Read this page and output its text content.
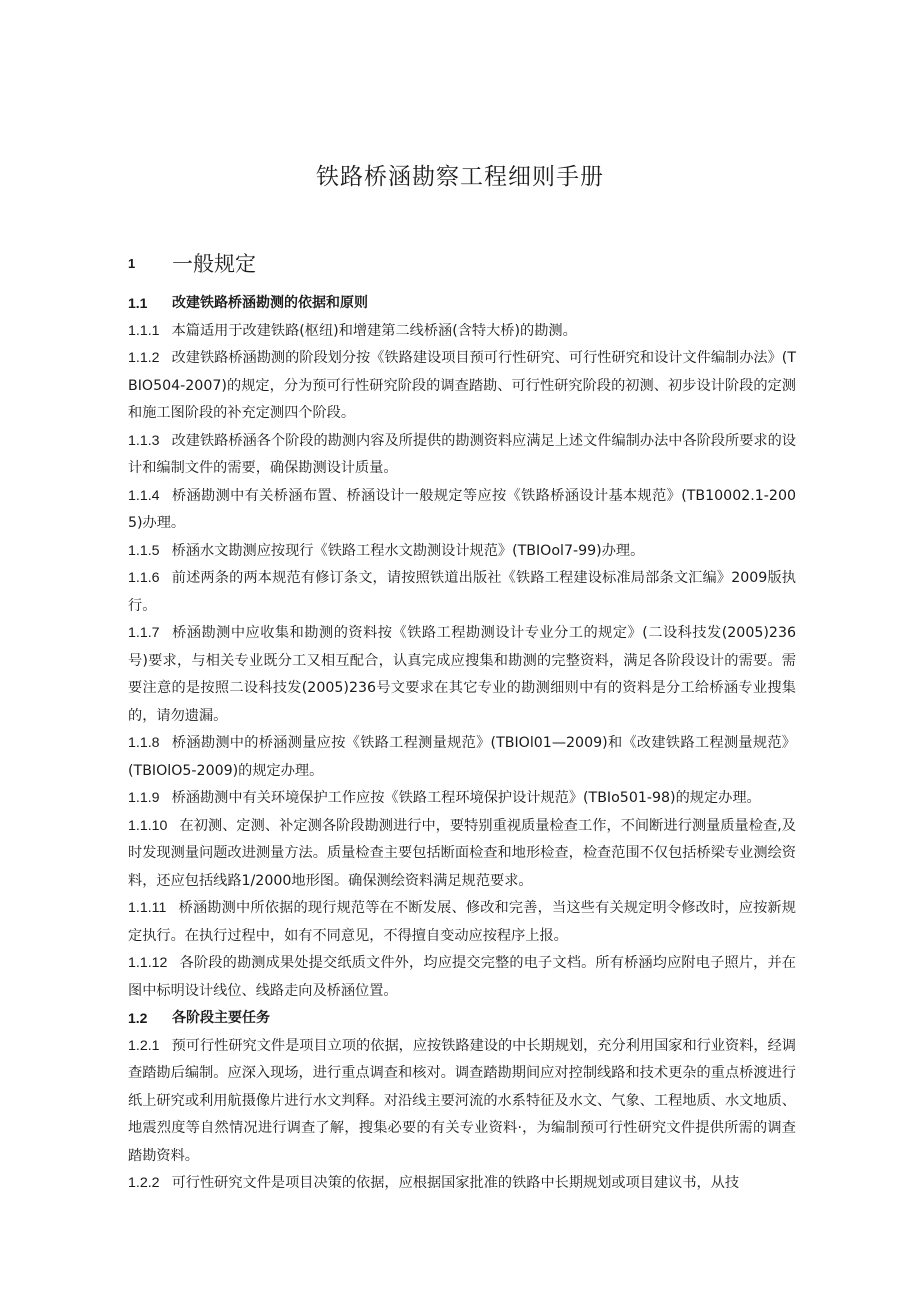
铁路桥涵勘察工程细则手册
1	一般规定
1.1	改建铁路桥涵勘测的依据和原则

1.1.1 本篇适用于改建铁路(枢纽)和增建第二线桥涵(含特大桥)的勘测。

1.1.2 改建铁路桥涵勘测的阶段划分按《铁路建设项目预可行性研究、可行性研究和设计文件编制办法》(TBIO504-2007)的规定，分为预可行性研究阶段的调查踏勘、可行性研究阶段的初测、初步设计阶段的定测和施工图阶段的补充定测四个阶段。

1.1.3 改建铁路桥涵各个阶段的勘测内容及所提供的勘测资料应满足上述文件编制办法中各阶段所要求的设计和编制文件的需要，确保勘测设计质量。

1.1.4 桥涵勘测中有关桥涵布置、桥涵设计一般规定等应按《铁路桥涵设计基本规范》(TB10002.1-2005)办理。

1.1.5 桥涵水文勘测应按现行《铁路工程水文勘测设计规范》(TBIOol7-99)办理。

1.1.6 前述两条的两本规范有修订条文，请按照铁道出版社《铁路工程建设标准局部条文汇编》2009版执行。

1.1.7 桥涵勘测中应收集和勘测的资料按《铁路工程勘测设计专业分工的规定》(二设科技发(2005)236号)要求，与相关专业既分工又相互配合，认真完成应搜集和勘测的完整资料，满足各阶段设计的需要。需要注意的是按照二设科技发(2005)236号文要求在其它专业的勘测细则中有的资料是分工给桥涵专业搜集的，请勿遗漏。

1.1.8 桥涵勘测中的桥涵测量应按《铁路工程测量规范》(TBIOl01—2009)和《改建铁路工程测量规范》(TBIOlO5-2009)的规定办理。

1.1.9 桥涵勘测中有关环境保护工作应按《铁路工程环境保护设计规范》(TBIo501-98)的规定办理。

1.1.10 在初测、定测、补定测各阶段勘测进行中，要特别重视质量检查工作，不间断进行测量质量检查,及时发现测量问题改进测量方法。质量检查主要包括断面检查和地形检查，检查范围不仅包括桥梁专业测绘资料，还应包括线路1/2000地形图。确保测绘资料满足规范要求。

1.1.11 桥涵勘测中所依据的现行规范等在不断发展、修改和完善，当这些有关规定明令修改时，应按新规定执行。在执行过程中，如有不同意见，不得擅自变动应按程序上报。

1.1.12 各阶段的勘测成果处提交纸质文件外，均应提交完整的电子文档。所有桥涵均应附电子照片，并在图中标明设计线位、线路走向及桥涵位置。

1.2	各阶段主要任务

1.2.1 预可行性研究文件是项目立项的依据，应按铁路建设的中长期规划，充分利用国家和行业资料，经调查踏勘后编制。应深入现场，进行重点调查和核对。调查踏勘期间应对控制线路和技术更杂的重点桥渡进行纸上研究或利用航摄像片进行水文判释。对沿线主要河流的水系特征及水文、气象、工程地质、水文地质、地震烈度等自然情况进行调查了解，搜集必要的有关专业资料·，为编制预可行性研究文件提供所需的调查踏勘资料。

1.2.2 可行性研究文件是项目决策的依据，应根据国家批准的铁路中长期规划或项目建议书，从技
